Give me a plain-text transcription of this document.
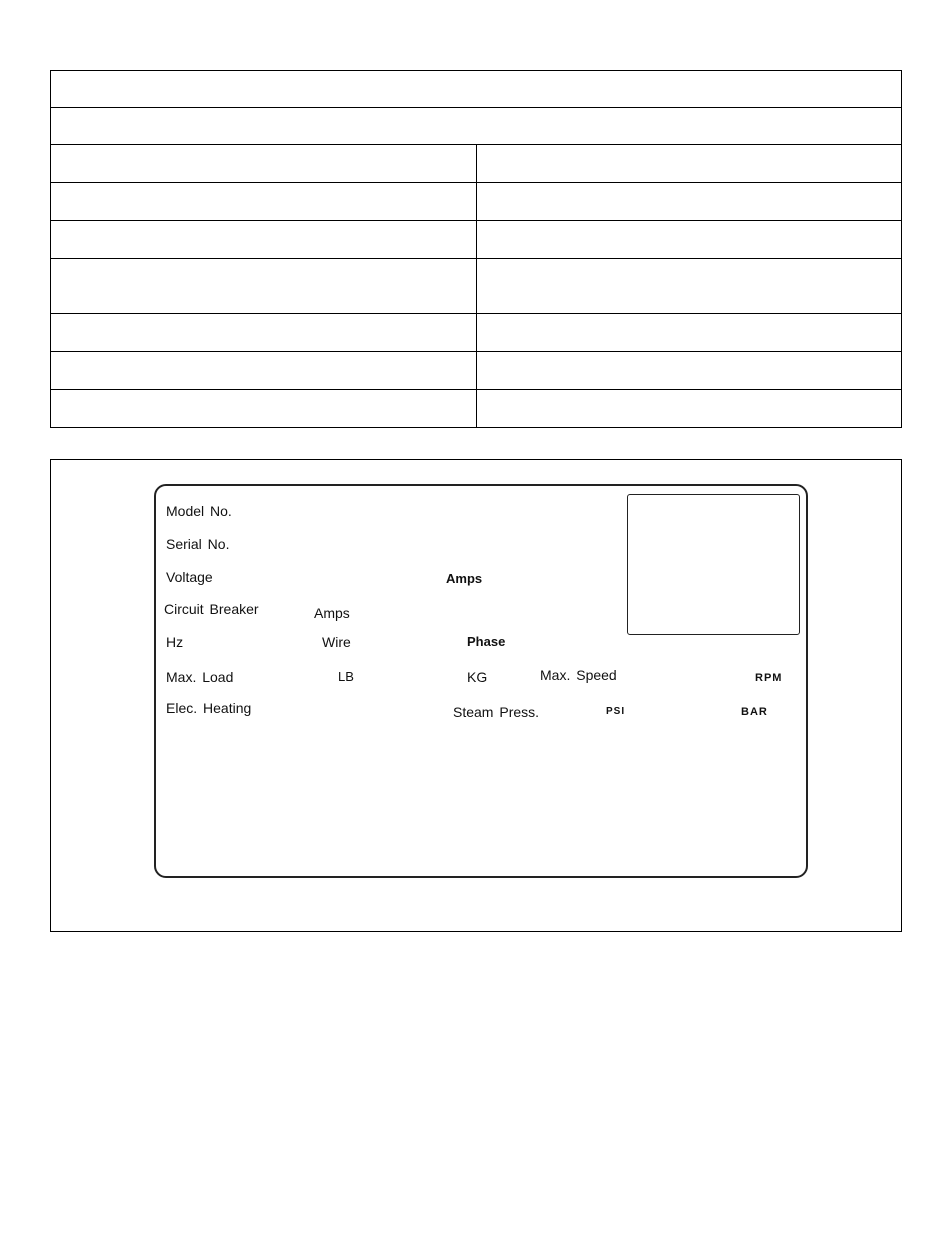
Model No.
Serial No.
Voltage	Amps
Circuit Breaker	Amps
Hz	Wire	Phase
Max. Load	LB	KG	Max. Speed	RPM
Elec. Heating	Steam Press.	PSI	BAR
